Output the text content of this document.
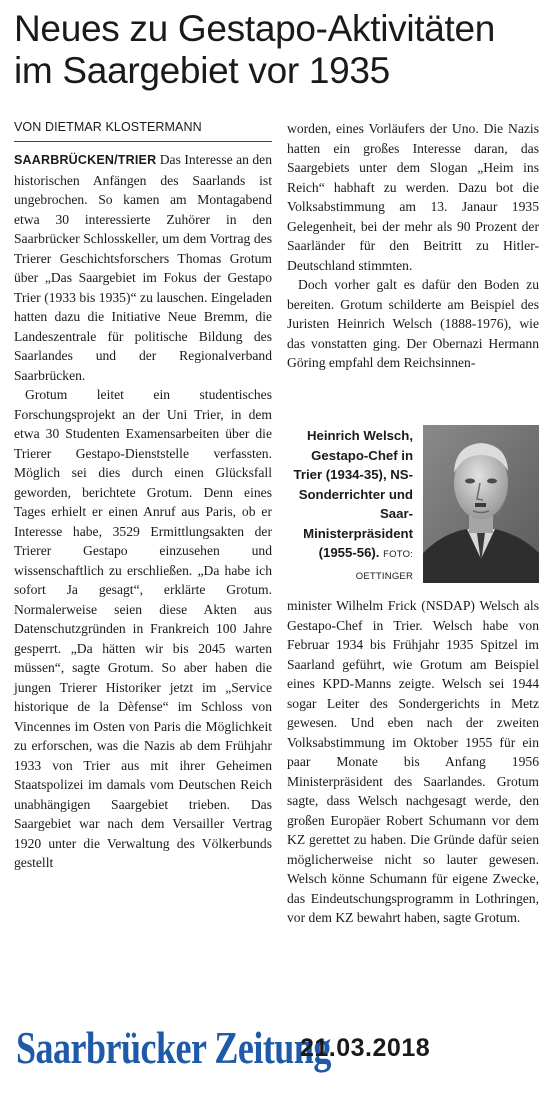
Neues zu Gestapo-Aktivitäten
im Saargebiet vor 1935
VON DIETMAR KLOSTERMANN

SAARBRÜCKEN/TRIER Das Interesse an den historischen Anfängen des Saarlands ist ungebrochen. So kamen am Montagabend etwa 30 interessierte Zuhörer in den Saarbrücker Schlosskeller, um dem Vortrag des Trierer Geschichtsforschers Thomas Grotum über „Das Saargebiet im Fokus der Gestapo Trier (1933 bis 1935)“ zu lauschen. Eingeladen hatten dazu die Initiative Neue Bremm, die Landeszentrale für politische Bildung des Saarlandes und der Regionalverband Saarbrücken.

Grotum leitet ein studentisches Forschungsprojekt an der Uni Trier, in dem etwa 30 Studenten Examensarbeiten über die Trierer Gestapo-Dienststelle verfassten. Möglich sei dies durch einen Glücksfall geworden, berichtete Grotum. Denn eines Tages erhielt er einen Anruf aus Paris, ob er Interesse habe, 3529 Ermittlungsakten der Trierer Gestapo einzusehen und wissenschaftlich zu erschließen. „Da habe ich sofort Ja gesagt“, erklärte Grotum. Normalerweise seien diese Akten aus Datenschutzgründen in Frankreich 100 Jahre gesperrt. „Da hätten wir bis 2045 warten müssen“, sagte Grotum. So aber haben die jungen Trierer Historiker jetzt im „Service historique de la Dèfense“ im Schloss von Vincennes im Osten von Paris die Möglichkeit zu erforschen, was die Nazis ab dem Frühjahr 1933 von Trier aus mit ihrer Geheimen Staatspolizei im damals vom Deutschen Reich unabhängigen Saargebiet trieben. Das Saargebiet war nach dem Versailler Vertrag 1920 unter die Verwaltung des Völkerbunds gestellt

worden, eines Vorläufers der Uno. Die Nazis hatten ein großes Interesse daran, das Saargebiets unter dem Slogan „Heim ins Reich“ habhaft zu werden. Dazu bot die Volksabstimmung am 13. Janaur 1935 Gelegenheit, bei der mehr als 90 Prozent der Saarländer für den Beitritt zu Hitler-Deutschland stimmten.

Doch vorher galt es dafür den Boden zu bereiten. Grotum schilderte am Beispiel des Juristen Heinrich Welsch (1888-1976), wie das vonstatten ging. Der Obernazi Hermann Göring empfahl dem Reichsinnen-

Heinrich Welsch, Gestapo-Chef in Trier (1934-35), NS-Sonderrichter und Saar-Ministerpräsident (1955-56). FOTO: OETTINGER

minister Wilhelm Frick (NSDAP) Welsch als Gestapo-Chef in Trier. Welsch habe von Februar 1934 bis Frühjahr 1935 Spitzel im Saarland geführt, wie Grotum am Beispiel eines KPD-Manns zeigte. Welsch sei 1944 sogar Leiter des Sondergerichts in Metz gewesen. Und eben nach der zweiten Volksabstimmung im Oktober 1955 für ein paar Monate bis Anfang 1956 Ministerpräsident des Saarlandes. Grotum sagte, dass Welsch nachgesagt werde, den großen Europäer Robert Schumann vor dem KZ gerettet zu haben. Die Gründe dafür seien möglicherweise nicht so lauter gewesen. Welsch könne Schumann für eigene Zwecke, das Eindeutschungsprogramm in Lothringen, vor dem KZ bewahrt haben, sagte Grotum.

Saarbrücker Zeitung
21.03.2018
